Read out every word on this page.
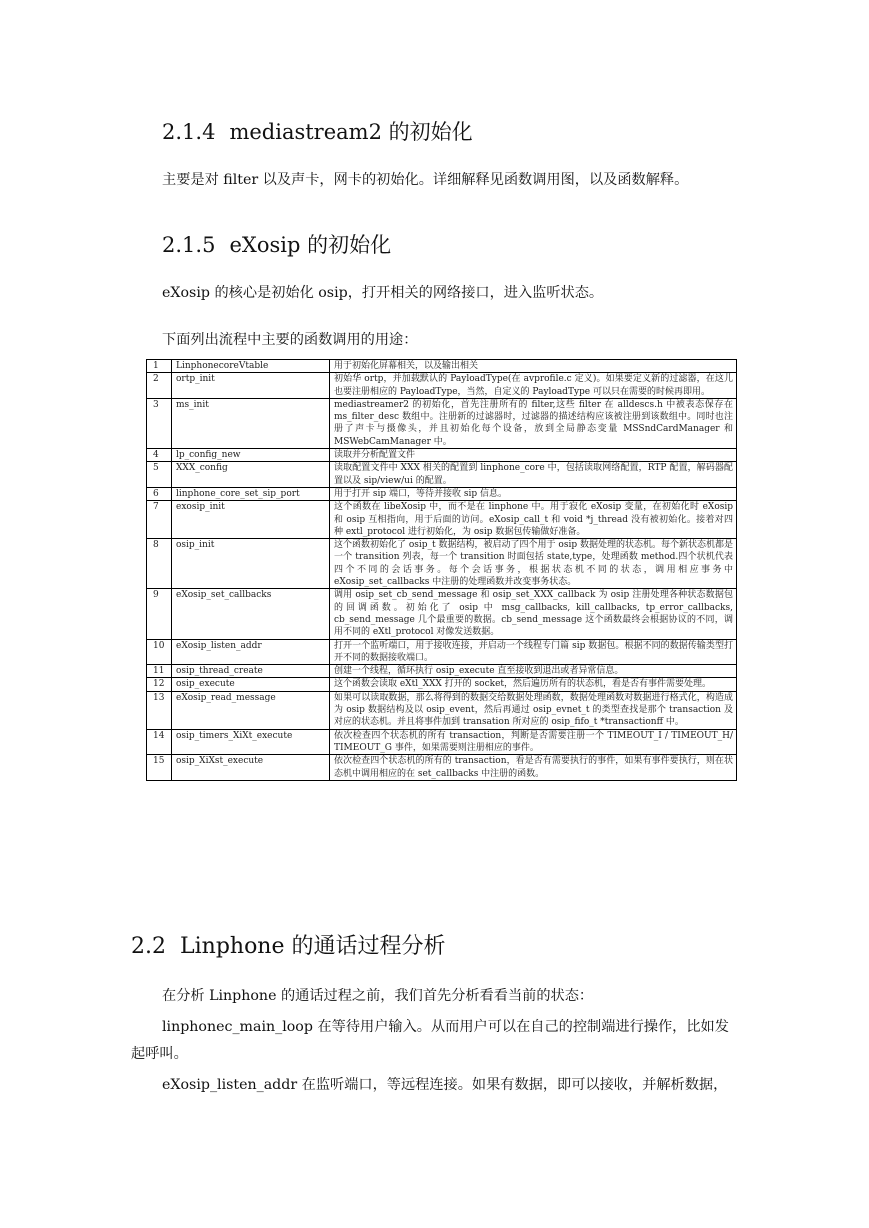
2.1.4 mediastream2 的初始化

主要是对 filter 以及声卡，网卡的初始化。详细解释见函数调用图，以及函数解释。

2.1.5 eXosip 的初始化

eXosip 的核心是初始化 osip，打开相关的网络接口，进入监听状态。

下面列出流程中主要的函数调用的用途：

1	LinphonecoreVtable	用于初始化屏幕相关，以及输出相关
2	ortp_init	初始华 ortp，并加载默认的 PayloadType(在 avprofile.c 定义)。如果要定义新的过滤器，在这儿也要注册相应的 PayloadType，当然，自定义的 PayloadType 可以只在需要的时候再即用。
3	ms_init	mediastreamer2 的初始化，首先注册所有的 filter,这些 filter 在 alldescs.h 中被表态保存在 ms_filter_desc 数组中。注册新的过滤器时，过滤器的描述结构应该被注册到该数组中。同时也注册了声卡与摄像头，并且初始化每个设备，放到全局静态变量 MSSndCardManager 和 MSWebCamManager 中。
4	lp_config_new	读取并分析配置文件
5	XXX_config	读取配置文件中 XXX 相关的配置到 linphone_core 中，包括读取网络配置，RTP 配置，解码器配置以及 sip/view/ui 的配置。
6	linphone_core_set_sip_port	用于打开 sip 端口，等待并接收 sip 信息。
7	exosip_init	这个函数在 libeXosip 中，而不是在 linphone 中。用于寂化 eXosip 变量，在初始化时 eXosip 和 osip 互相指向，用于后面的访问。eXosip_call_t 和 void *j_thread 没有被初始化。接着对四种 extl_protocol 进行初始化，为 osip 数据包传输做好准备。
8	osip_init	这个函数初始化了 osip_t 数据结构，被启动了四个用于 osip 数据处理的状态机。每个新状态机都是一个 transition 列表，每一个 transition 时面包括 state,type，处理函数 method.四个状机代表四个不同的会话事务。每个会话事务，根据状态机不同的状态，调用相应事务中 eXosip_set_callbacks 中注册的处理函数并改变事务状态。
9	eXosip_set_callbacks	调用 osip_set_cb_send_message 和 osip_set_XXX_callback 为 osip 注册处理各种状态数据包的回调函数。初始化了 osip 中 msg_callbacks, kill_callbacks, tp_error_callbacks, cb_send_message 几个最重要的数据。cb_send_message 这个函数最终会根据协议的不同，调用不同的 eXtl_protocol 对像发送数据。
10	eXosip_listen_addr	打开一个监听端口，用于接收连接，并启动一个线程专门篇 sip 数据包。根据不同的数据传输类型打开不同的数据接收端口。
11	osip_thread_create	创建一个线程，循环执行 osip_execute 直至接收到退出或者异常信息。
12	osip_execute	这个函数会读取 eXtl_XXX 打开的 socket，然后遍历所有的状态机，看是否有事件需要处理。
13	eXosip_read_message	如果可以读取数据，那么将得到的数据交给数据处理函数，数据处理函数对数据进行格式化，构造成为 osip 数据结构及以 osip_event，然后再通过 osip_evnet_t 的类型查找是那个 transaction 及对应的状态机。并且将事件加到 transation 所对应的 osip_fifo_t *transactionff 中。
14	osip_timers_XiXt_execute	依次检查四个状态机的所有 transaction，判断是否需要注册一个 TIMEOUT_I / TIMEOUT_H/ TIMEOUT_G 事件，如果需要则注册相应的事件。
15	osip_XiXst_execute	依次检查四个状态机的所有的 transaction，看是否有需要执行的事件，如果有事件要执行，则在状态机中调用相应的在 set_callbacks 中注册的函数。
2.2 Linphone 的通话过程分析

在分析 Linphone 的通话过程之前，我们首先分析看看当前的状态：

linphonec_main_loop 在等待用户输入。从而用户可以在自己的控制端进行操作，比如发

起呼叫。

eXosip_listen_addr 在监听端口，等远程连接。如果有数据，即可以接收，并解析数据，
